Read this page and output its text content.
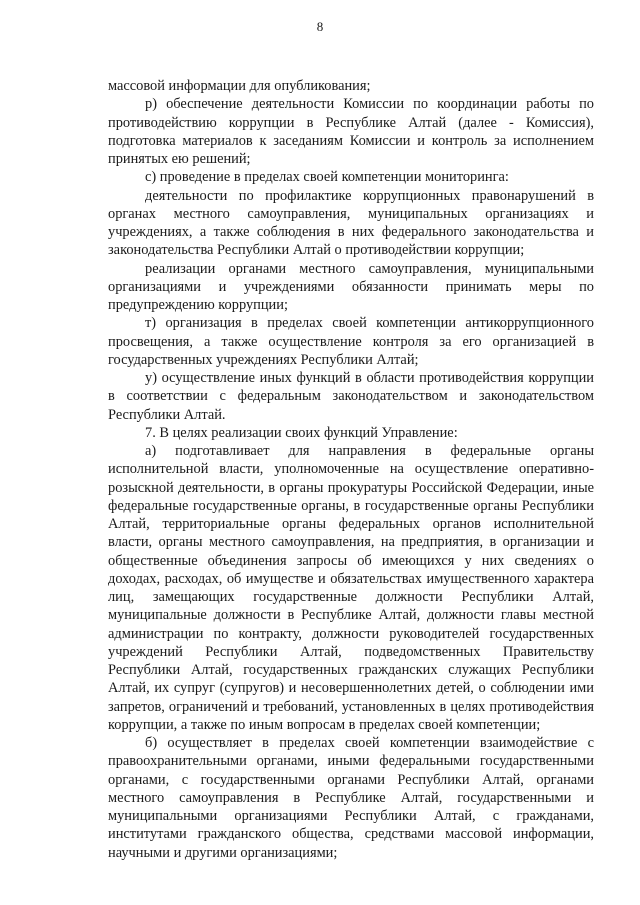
8

массовой информации для опубликования;

р) обеспечение деятельности Комиссии по координации работы по противодействию коррупции в Республике Алтай (далее - Комиссия), подготовка материалов к заседаниям Комиссии и контроль за исполнением принятых ею решений;

с) проведение в пределах своей компетенции мониторинга:

деятельности по профилактике коррупционных правонарушений в органах местного самоуправления, муниципальных организациях и учреждениях, а также соблюдения в них федерального законодательства и законодательства Республики Алтай о противодействии коррупции;

реализации органами местного самоуправления, муниципальными организациями и учреждениями обязанности принимать меры по предупреждению коррупции;

т) организация в пределах своей компетенции антикоррупционного просвещения, а также осуществление контроля за его организацией в государственных учреждениях Республики Алтай;

у) осуществление иных функций в области противодействия коррупции в соответствии с федеральным законодательством и законодательством Республики Алтай.

7. В целях реализации своих функций Управление:

а) подготавливает для направления в федеральные органы исполнительной власти, уполномоченные на осуществление оперативно-розыскной деятельности, в органы прокуратуры Российской Федерации, иные федеральные государственные органы, в государственные органы Республики Алтай, территориальные органы федеральных органов исполнительной власти, органы местного самоуправления, на предприятия, в организации и общественные объединения запросы об имеющихся у них сведениях о доходах, расходах, об имуществе и обязательствах имущественного характера лиц, замещающих государственные должности Республики Алтай, муниципальные должности в Республике Алтай, должности главы местной администрации по контракту, должности руководителей государственных учреждений Республики Алтай, подведомственных Правительству Республики Алтай, государственных гражданских служащих Республики Алтай, их супруг (супругов) и несовершеннолетних детей, о соблюдении ими запретов, ограничений и требований, установленных в целях противодействия коррупции, а также по иным вопросам в пределах своей компетенции;

б) осуществляет в пределах своей компетенции взаимодействие с правоохранительными органами, иными федеральными государственными органами, с государственными органами Республики Алтай, органами местного самоуправления в Республике Алтай, государственными и муниципальными организациями Республики Алтай, с гражданами, институтами гражданского общества, средствами массовой информации, научными и другими организациями;
